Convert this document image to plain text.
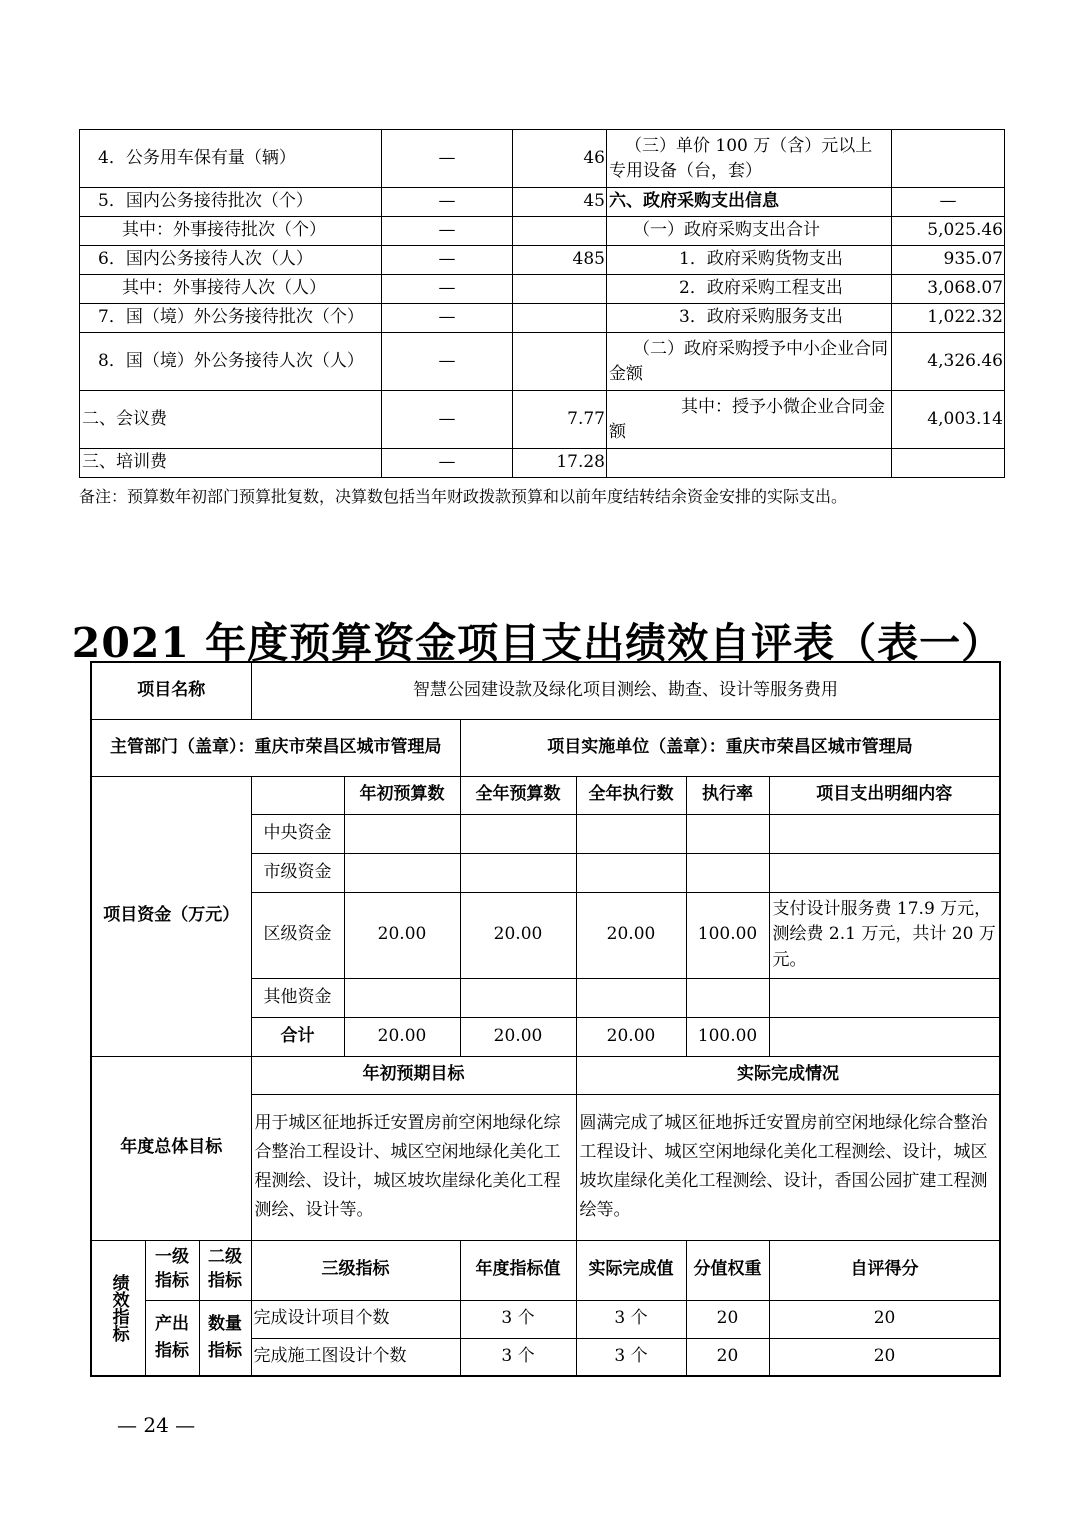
4．公务用车保有量（辆）	—	46	（三）单价 100 万（含）元以上专用设备（台，套）	
5．国内公务接待批次（个）	—	45	六、政府采购支出信息	—
其中：外事接待批次（个）	—		（一）政府采购支出合计	5,025.46
6．国内公务接待人次（人）	—	485	1．政府采购货物支出	935.07
其中：外事接待人次（人）	—		2．政府采购工程支出	3,068.07
7．国（境）外公务接待批次（个）	—		3．政府采购服务支出	1,022.32
8．国（境）外公务接待人次（人）	—		（二）政府采购授予中小企业合同金额	4,326.46
二、会议费	—	7.77	其中：授予小微企业合同金额	4,003.14
三、培训费	—	17.28		
备注：预算数年初部门预算批复数，决算数包括当年财政拨款预算和以前年度结转结余资金安排的实际支出。
2021 年度预算资金项目支出绩效自评表（表一）
项目名称			智慧公园建设款及绿化项目测绘、勘查、设计等服务费用					
主管部门（盖章）：重庆市荣昌区城市管理局					项目实施单位（盖章）：重庆市荣昌区城市管理局			
项目资金（万元）				年初预算数	全年预算数	全年执行数	执行率	项目支出明细内容
			中央资金					
			市级资金					
			区级资金	20.00	20.00	20.00	100.00	支付设计服务费 17.9 万元，测绘费 2.1 万元，共计 20 万元。
			其他资金					
			合计	20.00	20.00	20.00	100.00	
年度总体目标			年初预期目标			实际完成情况		
			用于城区征地拆迁安置房前空闲地绿化综合整治工程设计、城区空闲地绿化美化工程测绘、设计，城区坡坎崖绿化美化工程测绘、设计等。			圆满完成了城区征地拆迁安置房前空闲地绿化综合整治工程设计、城区空闲地绿化美化工程测绘、设计，城区坡坎崖绿化美化工程测绘、设计，香国公园扩建工程测绘等。		

绩效指标	一级指标	二级指标	三级指标		年度指标值	实际完成值	分值权重	自评得分
	产出指标	数量指标	完成设计项目个数		3 个	3 个	20	20
			完成施工图设计个数		3 个	3 个	20	20
— 24 —
